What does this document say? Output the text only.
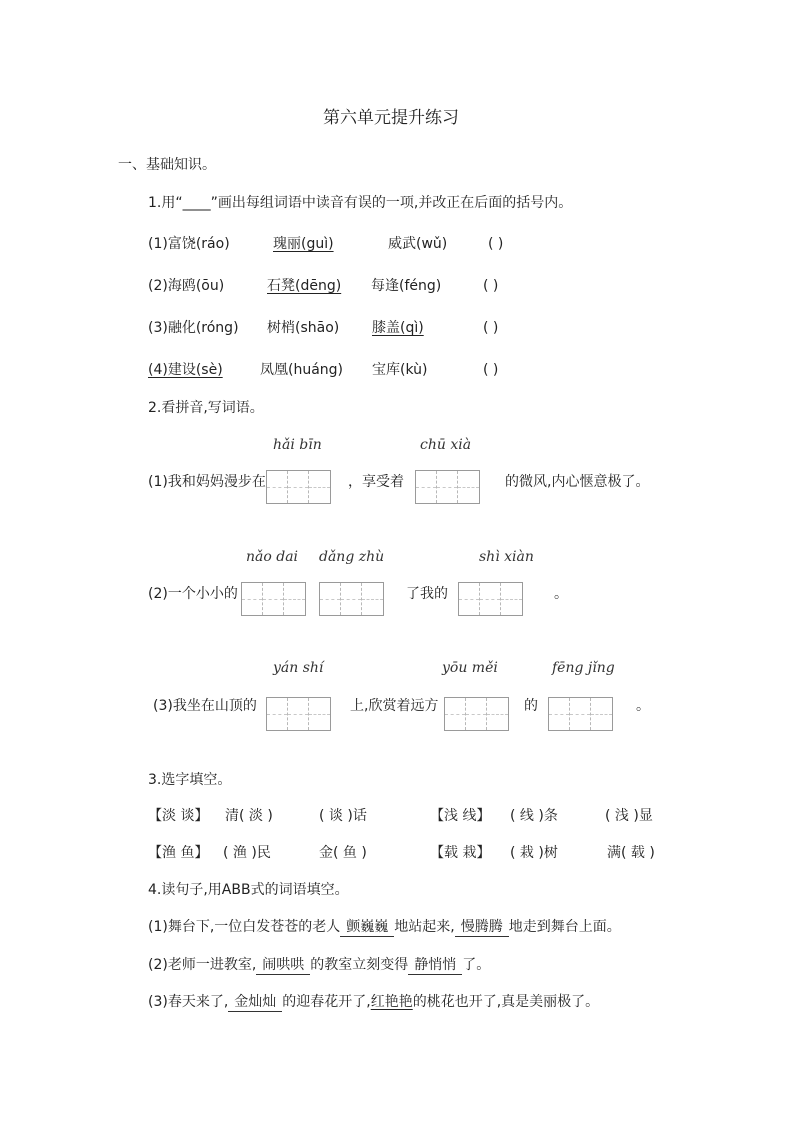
第六单元提升练习
一、基础知识。
1.用“____”画出每组词语中读音有误的一项,并改正在后面的括号内。
(1)富饶(ráo)	瑰丽(guì)	威武(wǔ)	( )
(2)海鸥(ōu)	石凳(dēng) 每逢(féng)	( )
(3)融化(róng) 树梢(shāo) 膝盖(qì)	( )
(4)建设(sè)	凤凰(huáng) 宝库(kù)	( )
2.看拼音,写词语。
hǎi bīn	chū xià
(1)我和妈妈漫步在	，享受着	的微风,内心惬意极了。
nǎo dai dǎng zhù	shì xiàn
(2)一个小小的	了我的	。
yán shí	yōu měi	fēng jǐng
(3)我坐在山顶的	上,欣赏着远方	的	。
3.选字填空。
【淡 谈】 清( 淡 )	( 谈 )话	【浅 线】 ( 线 )条	( 浅 )显
【渔 鱼】 ( 渔 )民	金( 鱼 )	【载 栽】 ( 栽 )树	满( 载 )
4.读句子,用ABB式的词语填空。
(1)舞台下,一位白发苍苍的老人 颤巍巍 地站起来, 慢腾腾 地走到舞台上面。
(2)老师一进教室, 闹哄哄 的教室立刻变得 静悄悄 了。
(3)春天来了, 金灿灿 的迎春花开了,红艳艳的桃花也开了,真是美丽极了。
